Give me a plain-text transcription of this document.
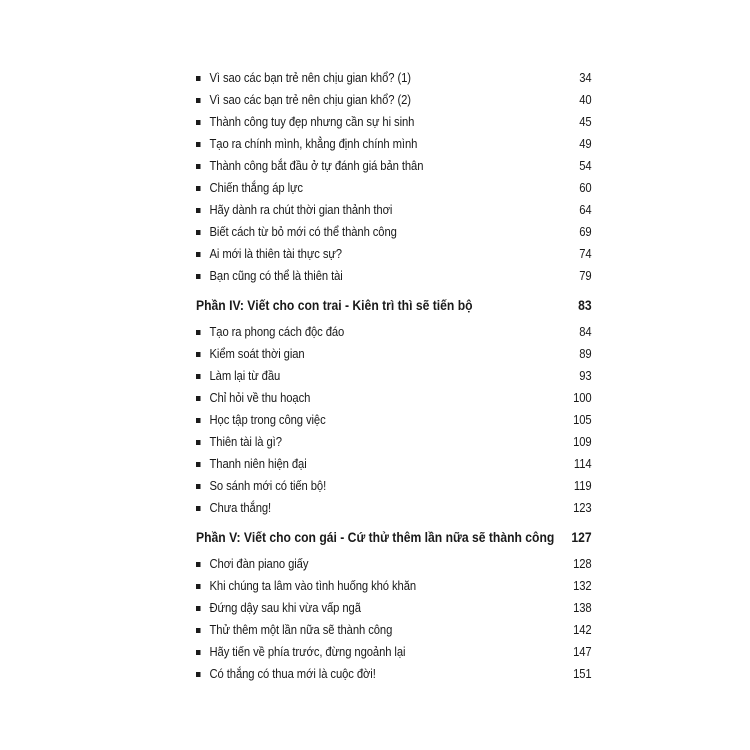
Vì sao các bạn trẻ nên chịu gian khổ? (1)	34
Vì sao các bạn trẻ nên chịu gian khổ? (2)	40
Thành công tuy đẹp nhưng cần sự hi sinh	45
Tạo ra chính mình, khẳng định chính mình	49
Thành công bắt đầu ở tự đánh giá bản thân	54
Chiến thắng áp lực	60
Hãy dành ra chút thời gian thảnh thơi	64
Biết cách từ bỏ mới có thể thành công	69
Ai mới là thiên tài thực sự?	74
Bạn cũng có thể là thiên tài	79
Phần IV: Viết cho con trai - Kiên trì thì sẽ tiến bộ	83
Tạo ra phong cách độc đáo	84
Kiểm soát thời gian	89
Làm lại từ đầu	93
Chỉ hỏi về thu hoạch	100
Học tập trong công việc	105
Thiên tài là gì?	109
Thanh niên hiện đại	114
So sánh mới có tiến bộ!	119
Chưa thắng!	123
Phần V: Viết cho con gái - Cứ thử thêm lần nữa sẽ thành công	127
Chơi đàn piano giấy	128
Khi chúng ta lâm vào tình huống khó khăn	132
Đứng dậy sau khi vừa vấp ngã	138
Thử thêm một lần nữa sẽ thành công	142
Hãy tiến về phía trước, đừng ngoảnh lại	147
Có thắng có thua mới là cuộc đời!	151
